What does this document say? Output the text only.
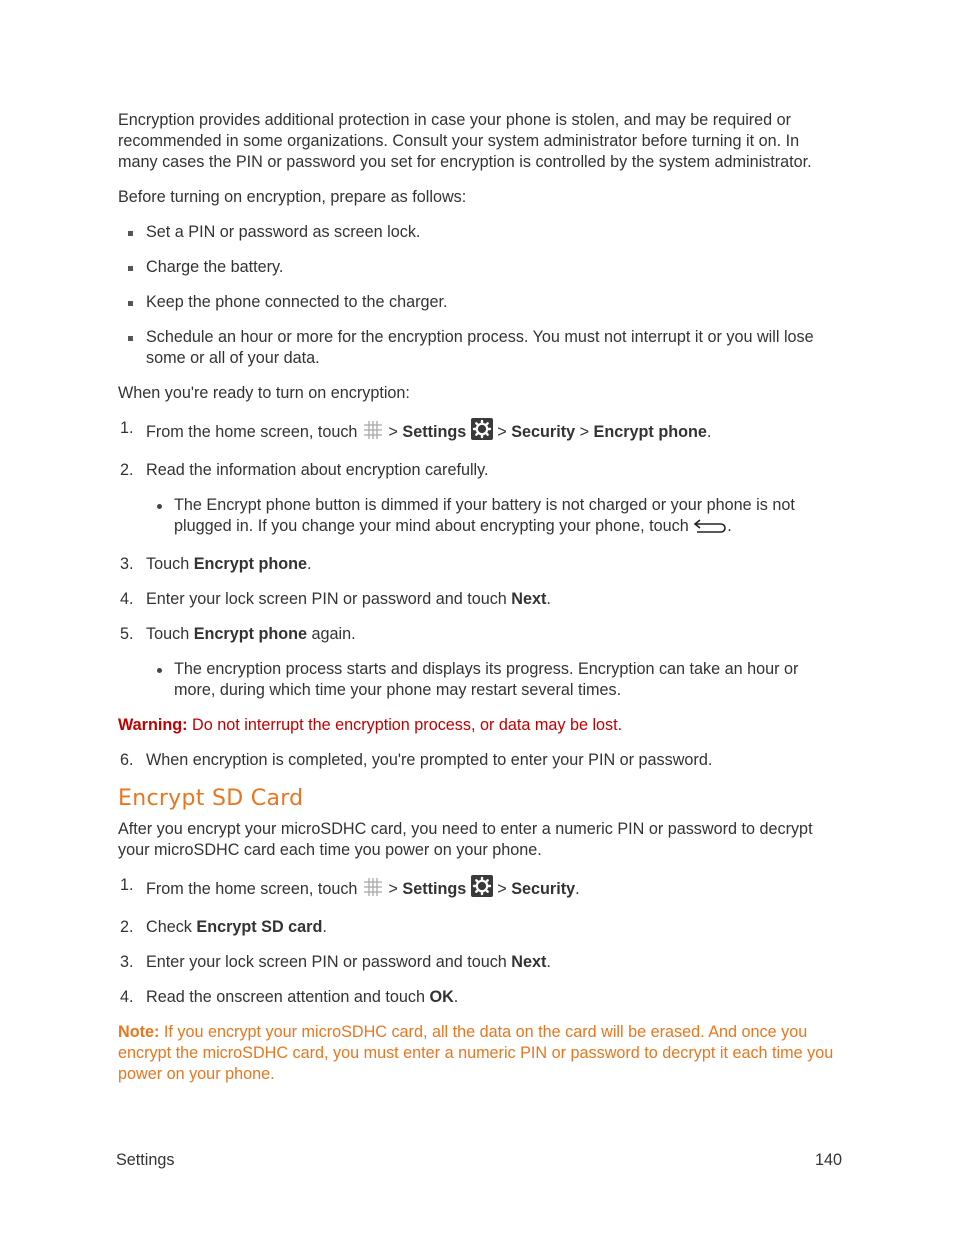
Encryption provides additional protection in case your phone is stolen, and may be required or recommended in some organizations. Consult your system administrator before turning it on. In many cases the PIN or password you set for encryption is controlled by the system administrator.

Before turning on encryption, prepare as follows:

Set a PIN or password as screen lock.

Charge the battery.

Keep the phone connected to the charger.

Schedule an hour or more for the encryption process. You must not interrupt it or you will lose some or all of your data.

When you're ready to turn on encryption:

1. From the home screen, touch  > Settings  > Security > Encrypt phone.

2. Read the information about encryption carefully.

The Encrypt phone button is dimmed if your battery is not charged or your phone is not plugged in. If you change your mind about encrypting your phone, touch .

3. Touch Encrypt phone.

4. Enter your lock screen PIN or password and touch Next.

5. Touch Encrypt phone again.

The encryption process starts and displays its progress. Encryption can take an hour or more, during which time your phone may restart several times.

Warning: Do not interrupt the encryption process, or data may be lost.

6. When encryption is completed, you're prompted to enter your PIN or password.

Encrypt SD Card

After you encrypt your microSDHC card, you need to enter a numeric PIN or password to decrypt your microSDHC card each time you power on your phone.

1. From the home screen, touch  > Settings  > Security.

2. Check Encrypt SD card.

3. Enter your lock screen PIN or password and touch Next.

4. Read the onscreen attention and touch OK.

Note: If you encrypt your microSDHC card, all the data on the card will be erased. And once you encrypt the microSDHC card, you must enter a numeric PIN or password to decrypt it each time you power on your phone.

Settings	140
